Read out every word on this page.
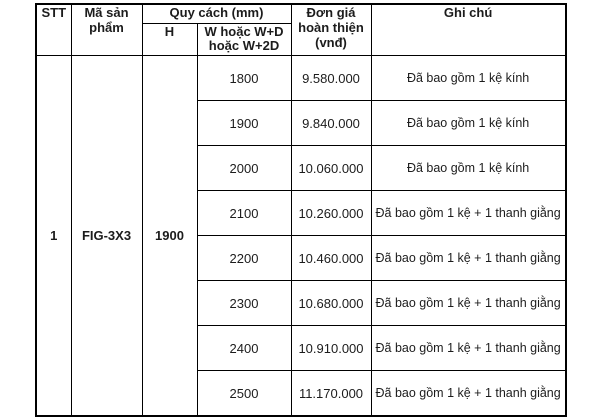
STT	Mã sản phẩm	Quy cách (mm)		Đơn giá hoàn thiện (vnđ)	Ghi chú
		H	W hoặc W+D hoặc W+2D		
1	FIG-3X3	1900	1800	9.580.000	Đã bao gồm 1 kệ kính
			1900	9.840.000	Đã bao gồm 1 kệ kính
			2000	10.060.000	Đã bao gồm 1 kệ kính
			2100	10.260.000	Đã bao gồm 1 kệ + 1 thanh giằng
			2200	10.460.000	Đã bao gồm 1 kệ + 1 thanh giằng
			2300	10.680.000	Đã bao gồm 1 kệ + 1 thanh giằng
			2400	10.910.000	Đã bao gồm 1 kệ + 1 thanh giằng
			2500	11.170.000	Đã bao gồm 1 kệ + 1 thanh giằng
